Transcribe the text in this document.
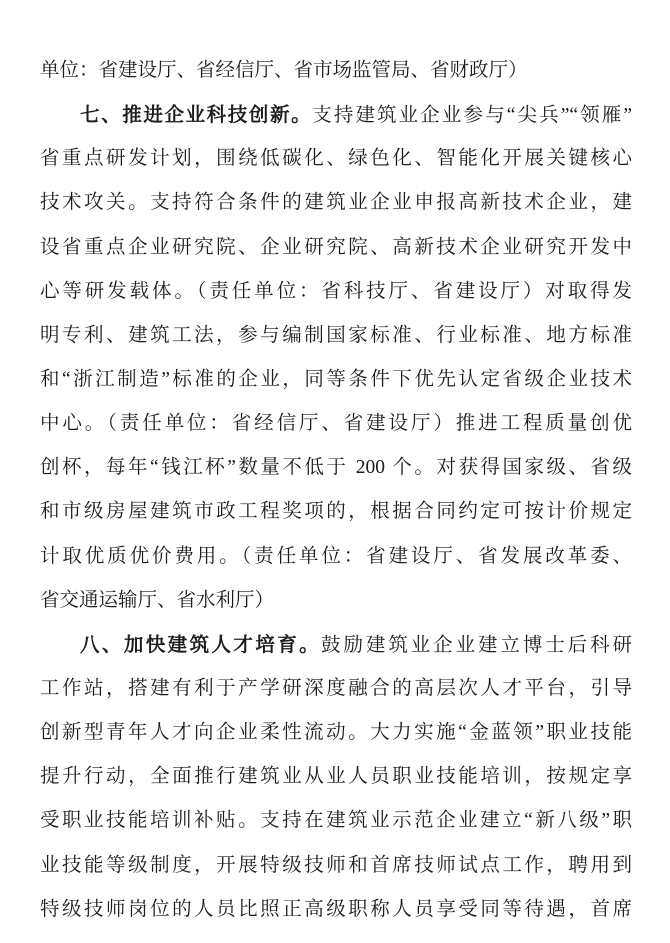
单位：省建设厅、省经信厅、省市场监管局、省财政厅）
七、推进企业科技创新。支持建筑业企业参与“尖兵”“领雁”
省重点研发计划，围绕低碳化、绿色化、智能化开展关键核心
技术攻关。支持符合条件的建筑业企业申报高新技术企业，建
设省重点企业研究院、企业研究院、高新技术企业研究开发中
心等研发载体。（责任单位：省科技厅、省建设厅）对取得发
明专利、建筑工法，参与编制国家标准、行业标准、地方标准
和“浙江制造”标准的企业，同等条件下优先认定省级企业技术
中心。（责任单位：省经信厅、省建设厅）推进工程质量创优
创杯，每年“钱江杯”数量不低于 200 个。对获得国家级、省级
和市级房屋建筑市政工程奖项的，根据合同约定可按计价规定
计取优质优价费用。（责任单位：省建设厅、省发展改革委、
省交通运输厅、省水利厅）
八、加快建筑人才培育。鼓励建筑业企业建立博士后科研
工作站，搭建有利于产学研深度融合的高层次人才平台，引导
创新型青年人才向企业柔性流动。大力实施“金蓝领”职业技能
提升行动，全面推行建筑业从业人员职业技能培训，按规定享
受职业技能培训补贴。支持在建筑业示范企业建立“新八级”职
业技能等级制度，开展特级技师和首席技师试点工作，聘用到
特级技师岗位的人员比照正高级职称人员享受同等待遇，首席
